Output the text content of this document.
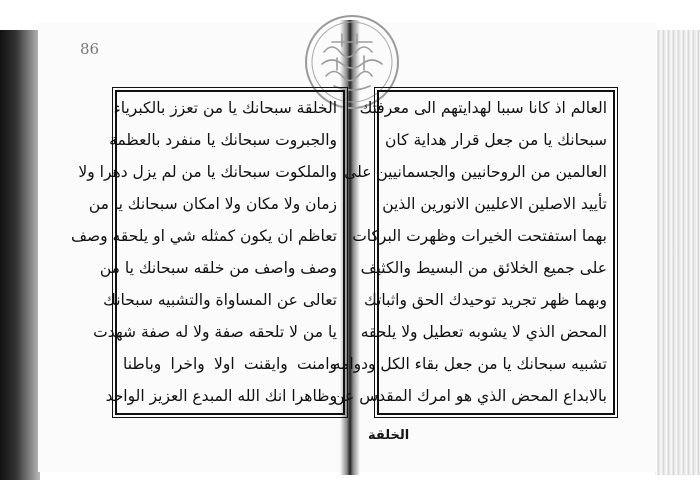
86
الخلقة سبحانك يا من تعزز بالكبرياء
والجبروت سبحانك يا منفرد بالعظمة
والملكوت سبحانك يا من لم يزل دهرا ولا
زمان ولا مكان ولا امكان سبحانك يا من
تعاظم ان يكون كمثله شي او يلحقه وصف
وصف واصف من خلقه سبحانك يا من
تعالى عن المساواة والتشبيه سبحانك
يا من لا تلحقه صفة ولا له صفة شهدت
وامنت وايقنت اولا واخرا وباطنا
وظاهرا انك الله المبدع العزيز الواحد
العالم اذ كانا سببا لهدايتهم الى معرفتك
سبحانك يا من جعل قرار هداية كان
العالمين من الروحانيين والجسمانيين على
تأييد الاصلين الاعليين الانورين الذين
بهما استفتحت الخيرات وظهرت البركات
على جميع الخلائق من البسيط والكثيف
وبهما ظهر تجريد توحيدك الحق واثباتك
المحض الذي لا يشوبه تعطيل ولا يلحقه
تشبيه سبحانك يا من جعل بقاء الكل ودوامه
بالابداع المحض الذي هو امرك المقدس عن
الخلقة
